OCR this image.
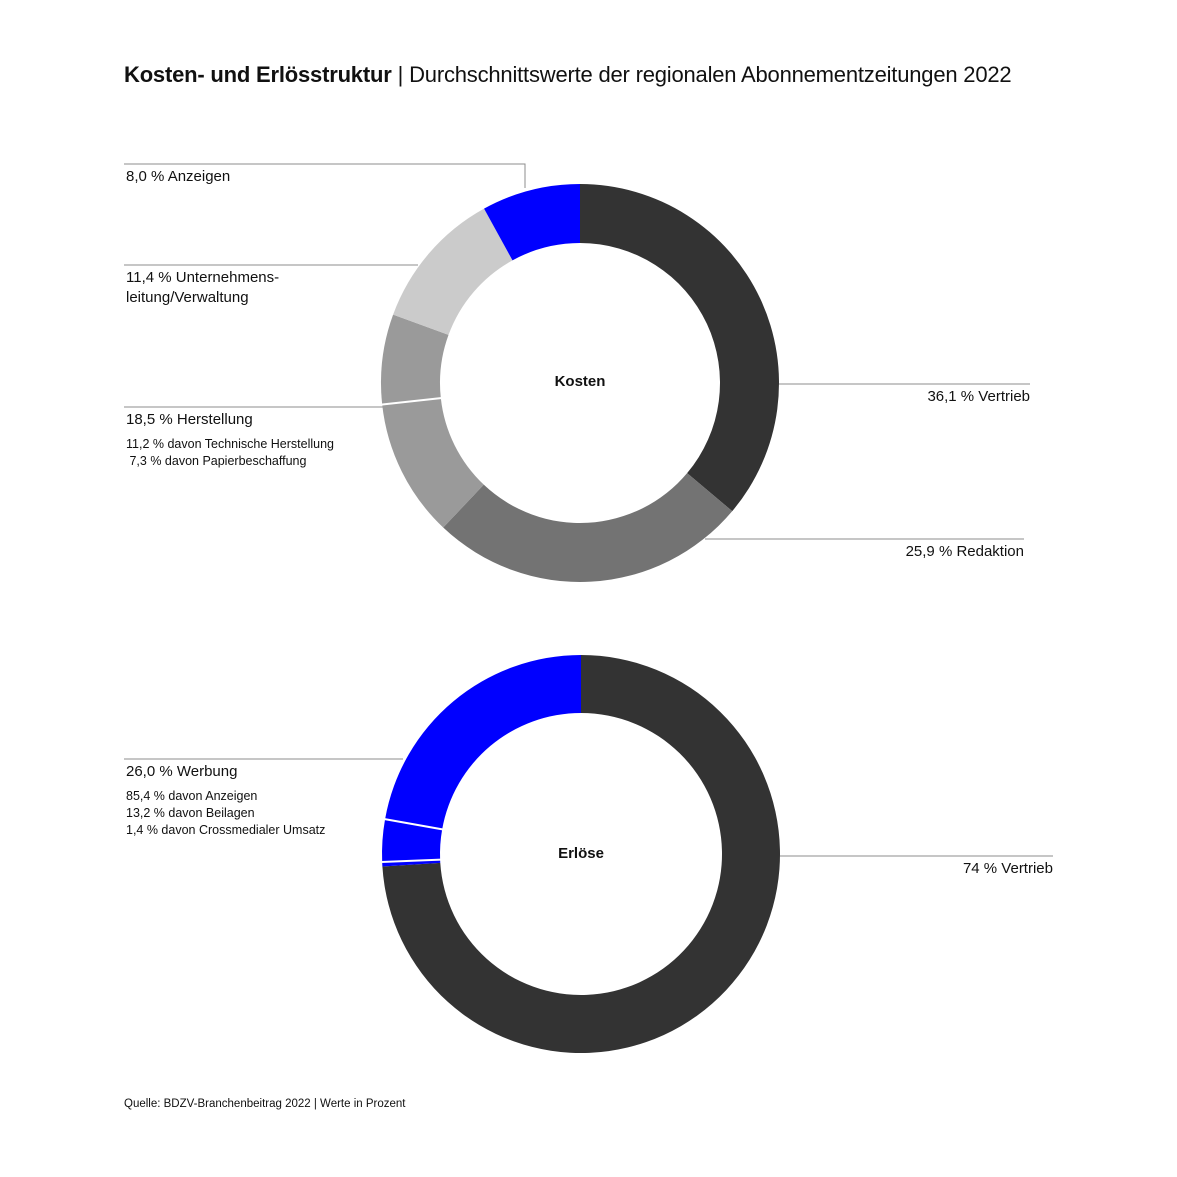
Kosten- und Erlösstruktur | Durchschnittswerte der regionalen Abonnementzeitungen 2022
8,0 % Anzeigen
11,4 % Unternehmens-
leitung/Verwaltung
18,5 % Herstellung
11,2 % davon Technische Herstellung
7,3 % davon Papierbeschaffung
36,1 % Vertrieb
25,9 % Redaktion
Kosten
26,0 % Werbung
85,4 % davon Anzeigen
13,2 % davon Beilagen
1,4 % davon Crossmedialer Umsatz
74 % Vertrieb
Erlöse
Quelle: BDZV-Branchenbeitrag 2022 | Werte in Prozent
